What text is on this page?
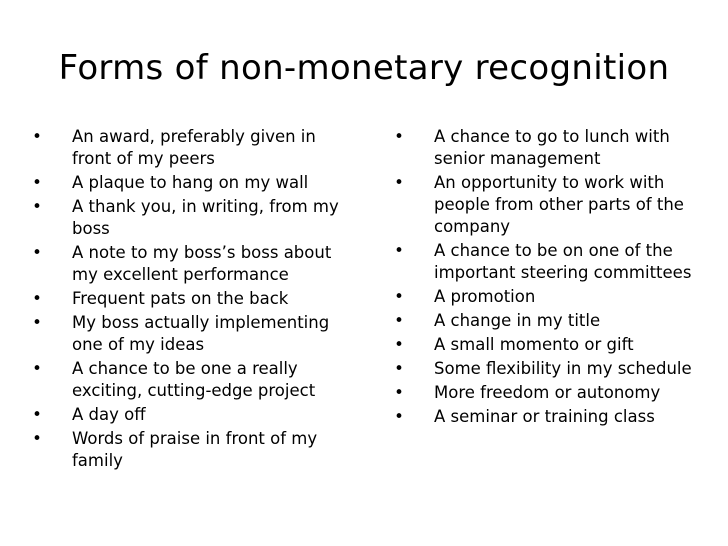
Forms of non-monetary recognition
• An award, preferably given in front of my peers
• A plaque to hang on my wall
• A thank you, in writing, from my boss
• A note to my boss’s boss about my excellent performance
• Frequent pats on the back
• My boss actually implementing one of my ideas
• A chance to be one a really exciting, cutting-edge project
• A day off
• Words of praise in front of my family
• A chance to go to lunch with senior management
• An opportunity to work with people from other parts of the company
• A chance to be on one of the important steering committees
• A promotion
• A change in my title
• A small momento or gift
• Some flexibility in my schedule
• More freedom or autonomy
• A seminar or training class
